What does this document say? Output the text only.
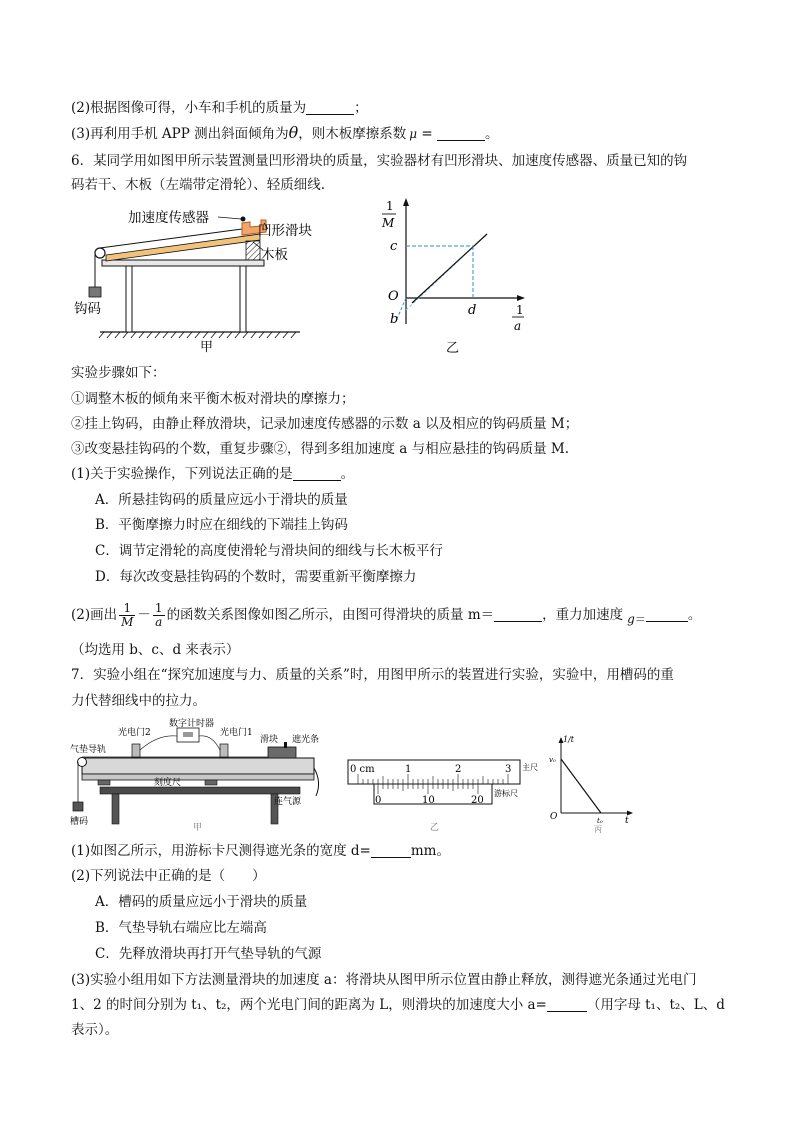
(2)根据图像可得，小车和手机的质量为	；
(3)再利用手机 APP 测出斜面倾角为θ，则木板摩擦系数 μ =	。
6．某同学用如图甲所示装置测量凹形滑块的质量，实验器材有凹形滑块、加速度传感器、质量已知的钩
码若干、木板（左端带定滑轮）、轻质细线.
加速度传感器
凹形滑块
木板
钩码
甲
1
M
c
O
b
d	1
a
乙
实验步骤如下：
①调整木板的倾角来平衡木板对滑块的摩擦力；
②挂上钩码，由静止释放滑块，记录加速度传感器的示数 a 以及相应的钩码质量 M；
③改变悬挂钩码的个数，重复步骤②，得到多组加速度 a 与相应悬挂的钩码质量 M.
(1)关于实验操作，下列说法正确的是	。
A．所悬挂钩码的质量应远小于滑块的质量
B．平衡摩擦力时应在细线的下端挂上钩码
C．调节定滑轮的高度使滑轮与滑块间的细线与长木板平行
D．每次改变悬挂钩码的个数时，需要重新平衡摩擦力
(2)画出 $\frac{1}{M} - \frac{1}{a}$ 的函数关系图像如图乙所示，由图可得滑块的质量 m＝	，重力加速度 $g_=$	。
（均选用 b、c、d 来表示）
7．实验小组在“探究加速度与力、质量的关系”时，用图甲所示的装置进行实验，实验中，用槽码的重
力代替细线中的拉力。
光电门2
数字计时器
光电门1
滑块 遮光条
气垫导轨
刻度尺
连气源
槽码
甲
0 cm	1	2	3 主尺
0	10	20
游标尺
乙
1/t
v₀
t₀
O	t
丙
(1)如图乙所示，用游标卡尺测得遮光条的宽度 d=	mm。
(2)下列说法中正确的是（　　）
A．槽码的质量应远小于滑块的质量
B．气垫导轨右端应比左端高
C．先释放滑块再打开气垫导轨的气源
(3)实验小组用如下方法测量滑块的加速度 a：将滑块从图甲所示位置由静止释放，测得遮光条通过光电门
1、2 的时间分别为 t₁、t₂，两个光电门间的距离为 L，则滑块的加速度大小 a=	（用字母 t₁、t₂、L、d
表示）。
